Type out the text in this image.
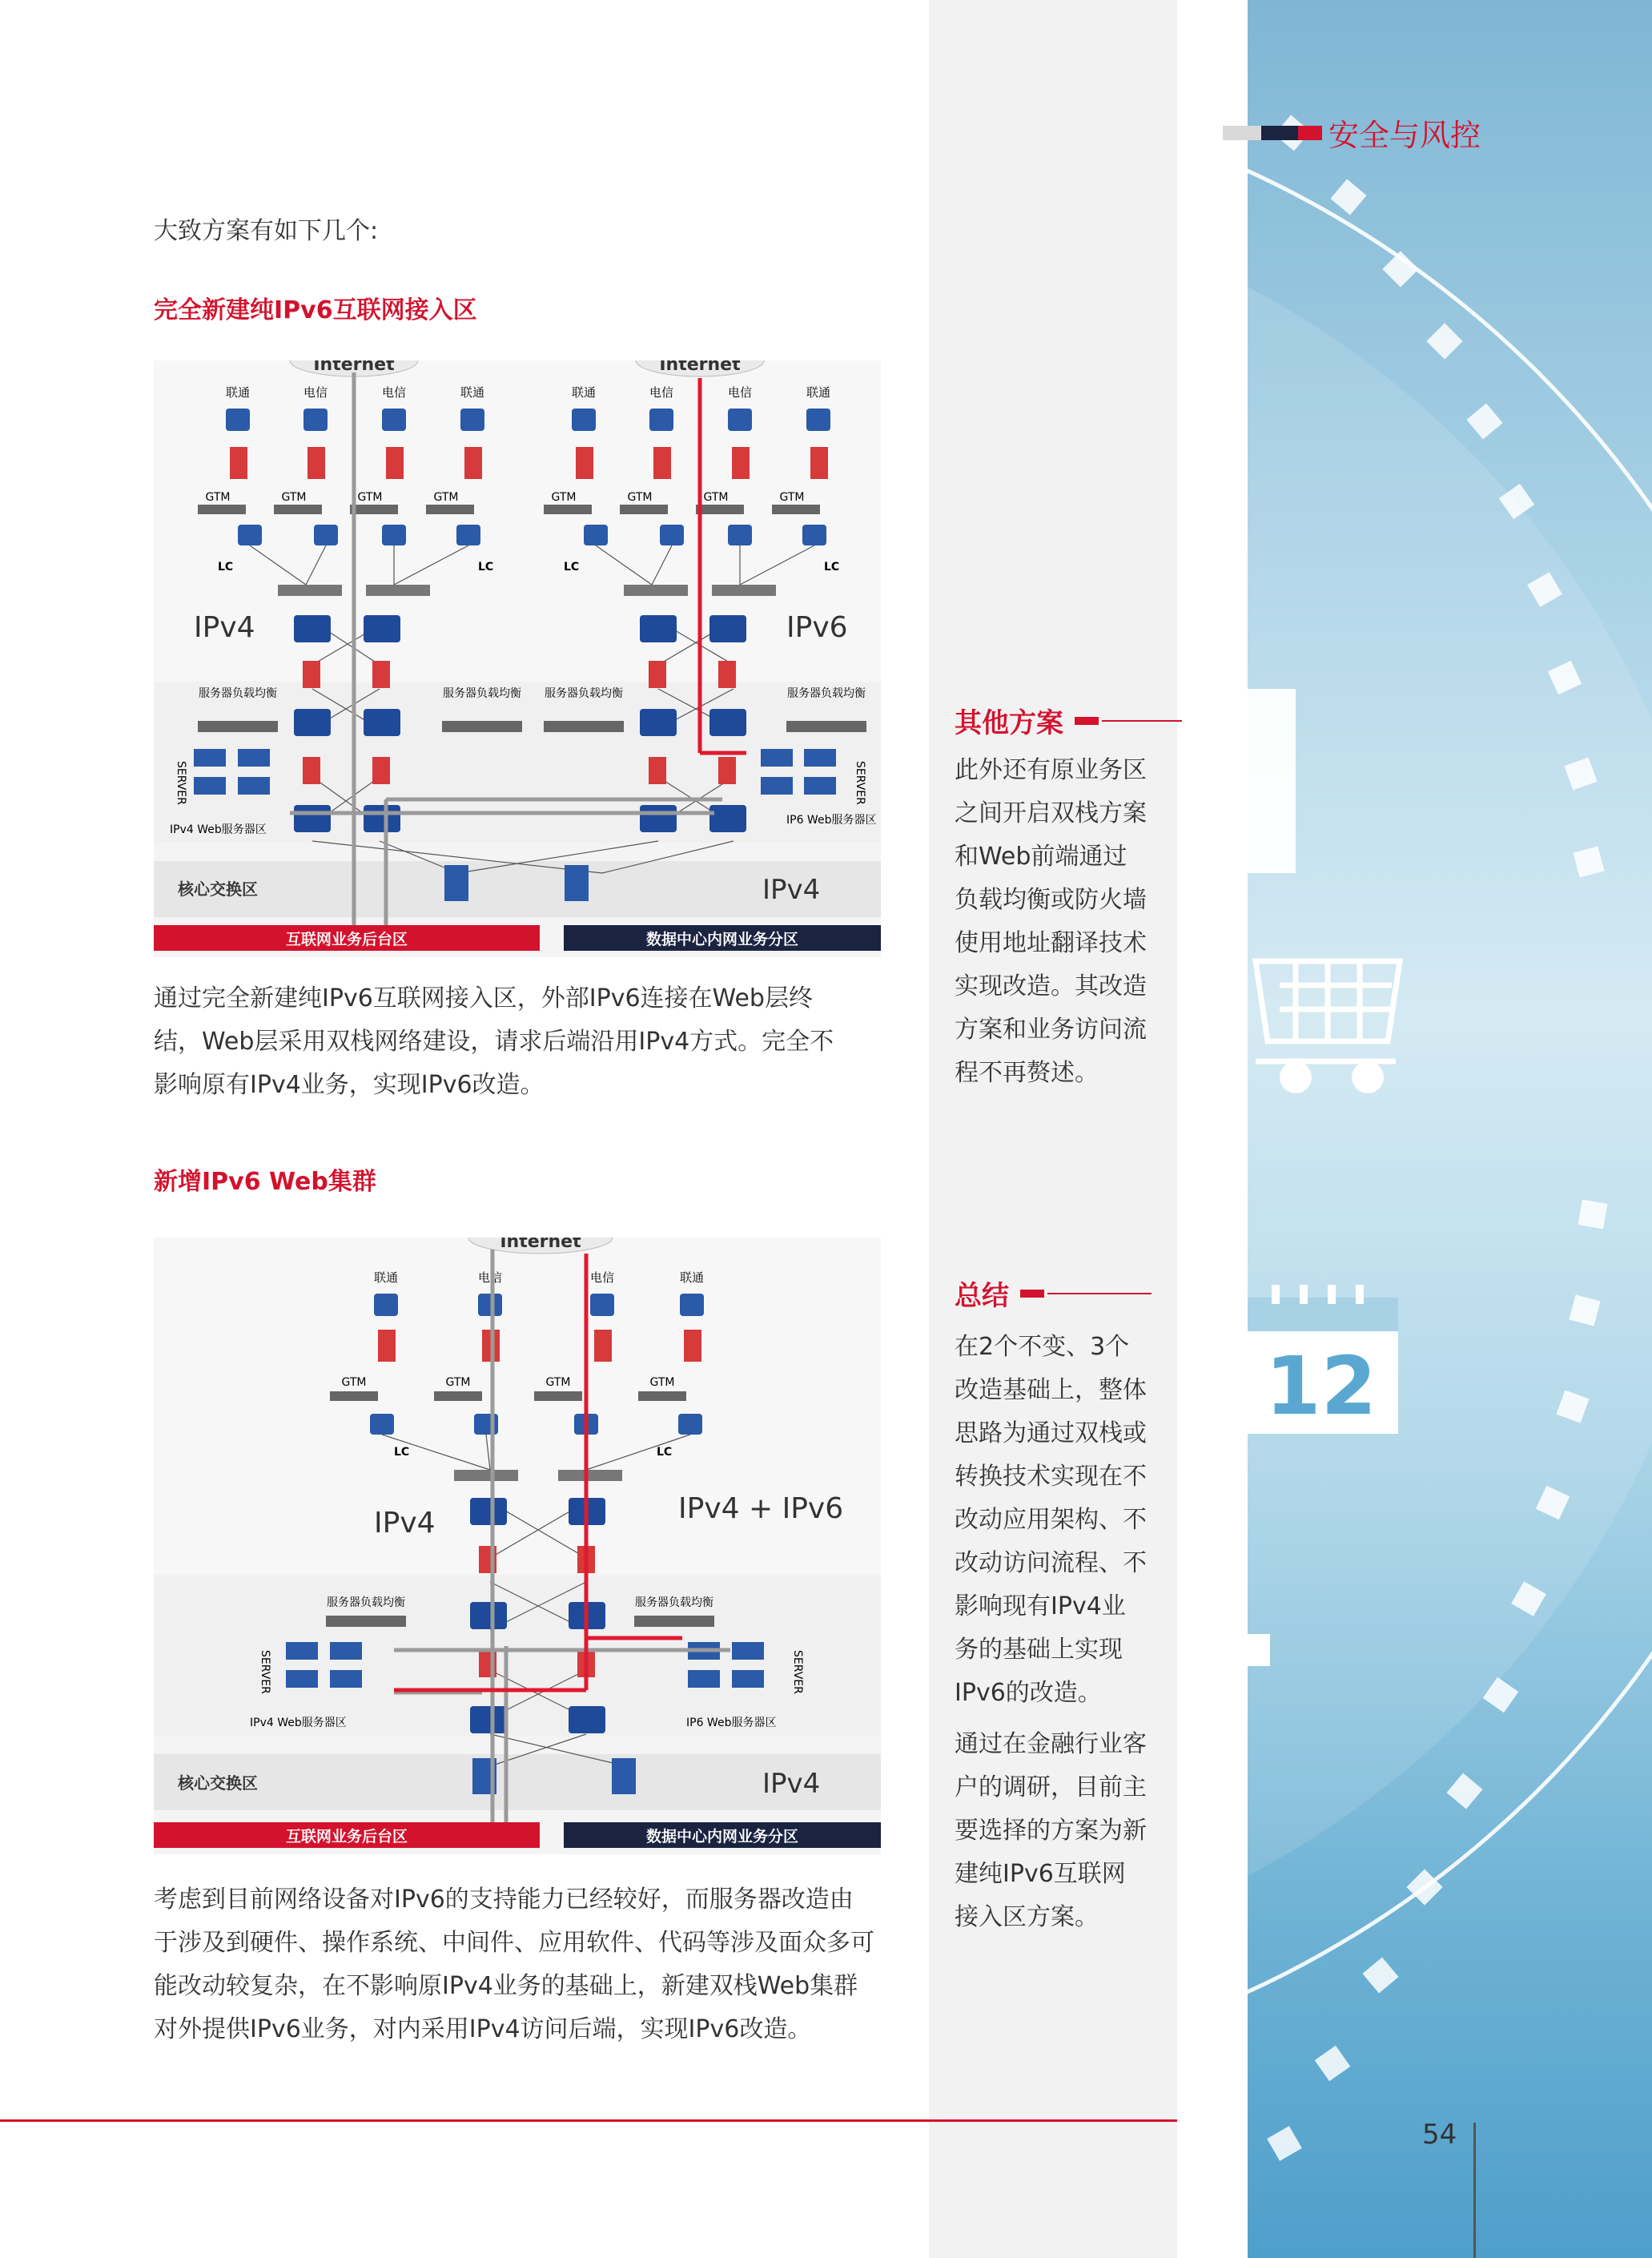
12
安全与风控
大致方案有如下几个:
完全新建纯IPv6互联网接入区
Internet	Internet
联通	电信	电信	联通	联通	电信	电信	联通
GTM	GTM	GTM	GTM	GTM	GTM	GTM	GTM
LC	LC	LC	LC
IPv4	IPv6
服务器负载均衡	服务器负载均衡 服务器负载均衡	服务器负载均衡
SERVER	SERVER
IPv4 Web服务器区
IP6 Web服务器区
核心交换区	IPv4
互联网业务后台区	数据中心内网业务分区
通过完全新建纯IPv6互联网接入区，外部IPv6连接在Web层终
结，Web层采用双栈网络建设，请求后端沿用IPv4方式。完全不
影响原有IPv4业务，实现IPv6改造。
新增IPv6 Web集群
Internet
联通	电信	电信	联通
GTM	GTM	GTM	GTM
LC	LC
IPv4	IPv4 + IPv6
服务器负载均衡	服务器负载均衡
SERVER	SERVER
IPv4 Web服务器区	IP6 Web服务器区
核心交换区	IPv4
互联网业务后台区	数据中心内网业务分区
考虑到目前网络设备对IPv6的支持能力已经较好，而服务器改造由
于涉及到硬件、操作系统、中间件、应用软件、代码等涉及面众多可
能改动较复杂，在不影响原IPv4业务的基础上，新建双栈Web集群
对外提供IPv6业务，对内采用IPv4访问后端，实现IPv6改造。
其他方案
此外还有原业务区
之间开启双栈方案
和Web前端通过
负载均衡或防火墙
使用地址翻译技术
实现改造。其改造
方案和业务访问流
程不再赘述。
总结
在2个不变、3个
改造基础上，整体
思路为通过双栈或
转换技术实现在不
改动应用架构、不
改动访问流程、不
影响现有IPv4业
务的基础上实现
IPv6的改造。
通过在金融行业客
户的调研，目前主
要选择的方案为新
建纯IPv6互联网
接入区方案。
54
